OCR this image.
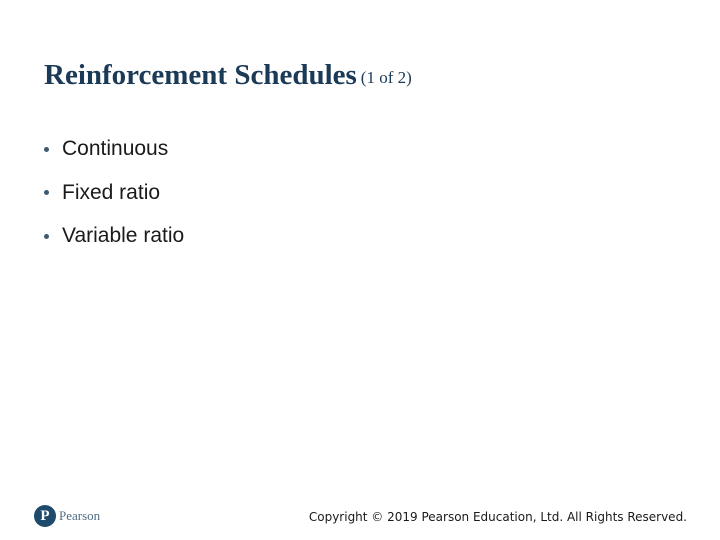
Reinforcement Schedules (1 of 2)
Continuous
Fixed ratio
Variable ratio
P Pearson	Copyright © 2019 Pearson Education, Ltd. All Rights Reserved.
